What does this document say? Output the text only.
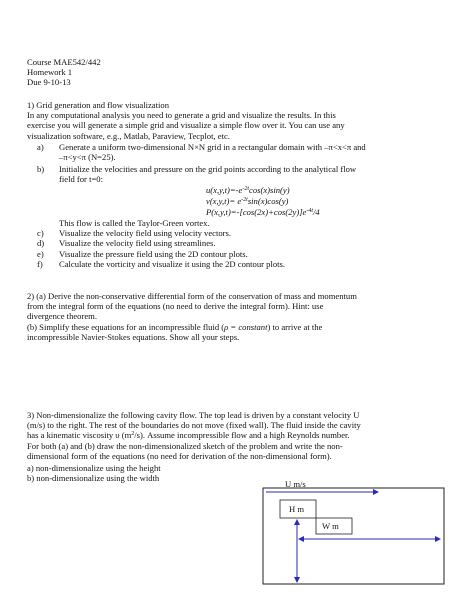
Course MAE542/442
Homework 1
Due 9-10-13
1) Grid generation and flow visualization
In any computational analysis you need to generate a grid and visualize the results. In this
exercise you will generate a simple grid and visualize a simple flow over it. You can use any
visualization software, e.g., Matlab, Paraview, Tecplot, etc.
a) Generate a uniform two-dimensional N×N grid in a rectangular domain with –π<x<π and
–π<y<π (N=25).
b) Initialize the velocities and pressure on the grid points according to the analytical flow
field for t=0:
$u(x,y,t)=-e^{-2t}\cos(x)\sin(y)$
$v(x,y,t)= e^{-2t}\sin(x)\cos(y)$
$P(x,y,t)=-[\cos(2x)+\cos(2y)]e^{-4t}/4$
This flow is called the Taylor-Green vortex.
c) Visualize the velocity field using velocity vectors.
d) Visualize the velocity field using streamlines.
e) Visualize the pressure field using the 2D contour plots.
f) Calculate the vorticity and visualize it using the 2D contour plots.
2) (a) Derive the non-conservative differential form of the conservation of mass and momentum
from the integral form of the equations (no need to derive the integral form). Hint: use
divergence theorem.
(b) Simplify these equations for an incompressible fluid (ρ = constant) to arrive at the
incompressible Navier-Stokes equations. Show all your steps.
3) Non-dimensionalize the following cavity flow. The top lead is driven by a constant velocity U
(m/s) to the right. The rest of the boundaries do not move (fixed wall). The fluid inside the cavity
has a kinematic viscosity υ $(m^2/s)$. Assume incompressible flow and a high Reynolds number.
For both (a) and (b) draw the non-dimensionalized sketch of the problem and write the non-
dimensional form of the equations (no need for derivation of the non-dimensional form).
a) non-dimensionalize using the height
b) non-dimensionalize using the width
U m/s
H m
W m
